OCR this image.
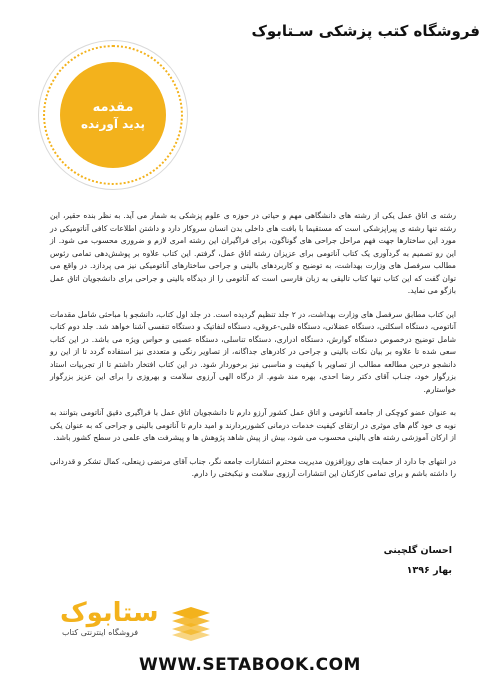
فروشگاه کتب پزشکی سـتابوک
مقدمه
پدید آورنده

رشته ی اتاق عمل یکی از رشته های دانشگاهی مهم و حیاتی در حوزه ی علوم پزشکی به شمار می آید. به نظر بنده حقیر، این رشته تنها رشته ی پیراپزشکی است که مستقیما با بافت های داخلی بدن انسان سروکار دارد و داشتن اطلاعات کافی آناتومیکی در مورد این ساختارها جهت فهم مراحل جراحی های گوناگون، برای فراگیران این رشته امری لازم و ضروری محسوب می شود. از این رو تصمیم به گردآوری یک کتاب آناتومی برای عزیزان رشته اتاق عمل، گرفتم. این کتاب علاوه بر پوشش‌دهی تمامی رئوس مطالب سرفصل های وزارت بهداشت، به توضیح و کاربردهای بالینی و جراحی ساختارهای آناتومیکی نیز می پردازد. در واقع می توان گفت که این کتاب تنها کتاب تالیفی به زبان فارسی است که آناتومی را از دیدگاه بالینی و جراحی برای دانشجویان اتاق عمل بازگو می نماید.

این کتاب مطابق سرفصل های وزارت بهداشت، در ۲ جلد تنظیم گردیده است. در جلد اول کتاب، دانشجو با مباحثی شامل مقدمات آناتومی، دستگاه اسکلتی، دستگاه عضلانی، دستگاه قلبی-عروقی، دستگاه لنفاتیک و دستگاه تنفسی آشنا خواهد شد. جلد دوم کتاب شامل توضیح درخصوص دستگاه گوارش، دستگاه ادراری، دستگاه تناسلی، دستگاه عصبی و حواس ویژه می باشد. در این کتاب سعی شده تا علاوه بر بیان نکات بالینی و جراحی در کادرهای جداگانه، از تصاویر رنگی و متعددی نیز استفاده گردد تا از این رو دانشجو درحین مطالعه مطالب از تصاویر با کیفیت و مناسبی نیز برخوردار شود. در این کتاب افتخار داشتم تا از تجربیات استاد بزرگوار خود، جنـاب آقای دکتر رضا احدی، بهره مند شوم. از درگاه الهی آرزوی سلامت و بهروزی را برای این عزیز بزرگوار خواستارم.

به عنوان عضو کوچکی از جامعه آناتومی و اتاق عمل کشور آرزو دارم تا دانشجویان اتاق عمل با فراگیری دقیق آناتومی بتوانند به نوبه ی خود گام های موثری در ارتقای کیفیت خدمات درمانی کشوربردارند و امید دارم تا آناتومی بالینی و جراحی که به عنوان یکی از ارکان آموزشی رشته های بالینی محسوب می شود، بیش از پیش شاهد پژوهش ها و پیشرفت های علمی در سطح کشور باشد.

در انتهای جا دارد از حمایت های روزافزون مدیریت محترم انتشارات جامعه نگر، جناب آقای مرتضی زینعلی، کمال تشکر و قدردانی را داشته باشم و برای تمامی کارکنان این انتشارات آرزوی سلامت و نیکبختی را دارم.

احسان گلچینی
بهار ۱۳۹۶
ستابوک
فروشگاه اینترنتی کتاب
WWW.SETABOOK.COM
